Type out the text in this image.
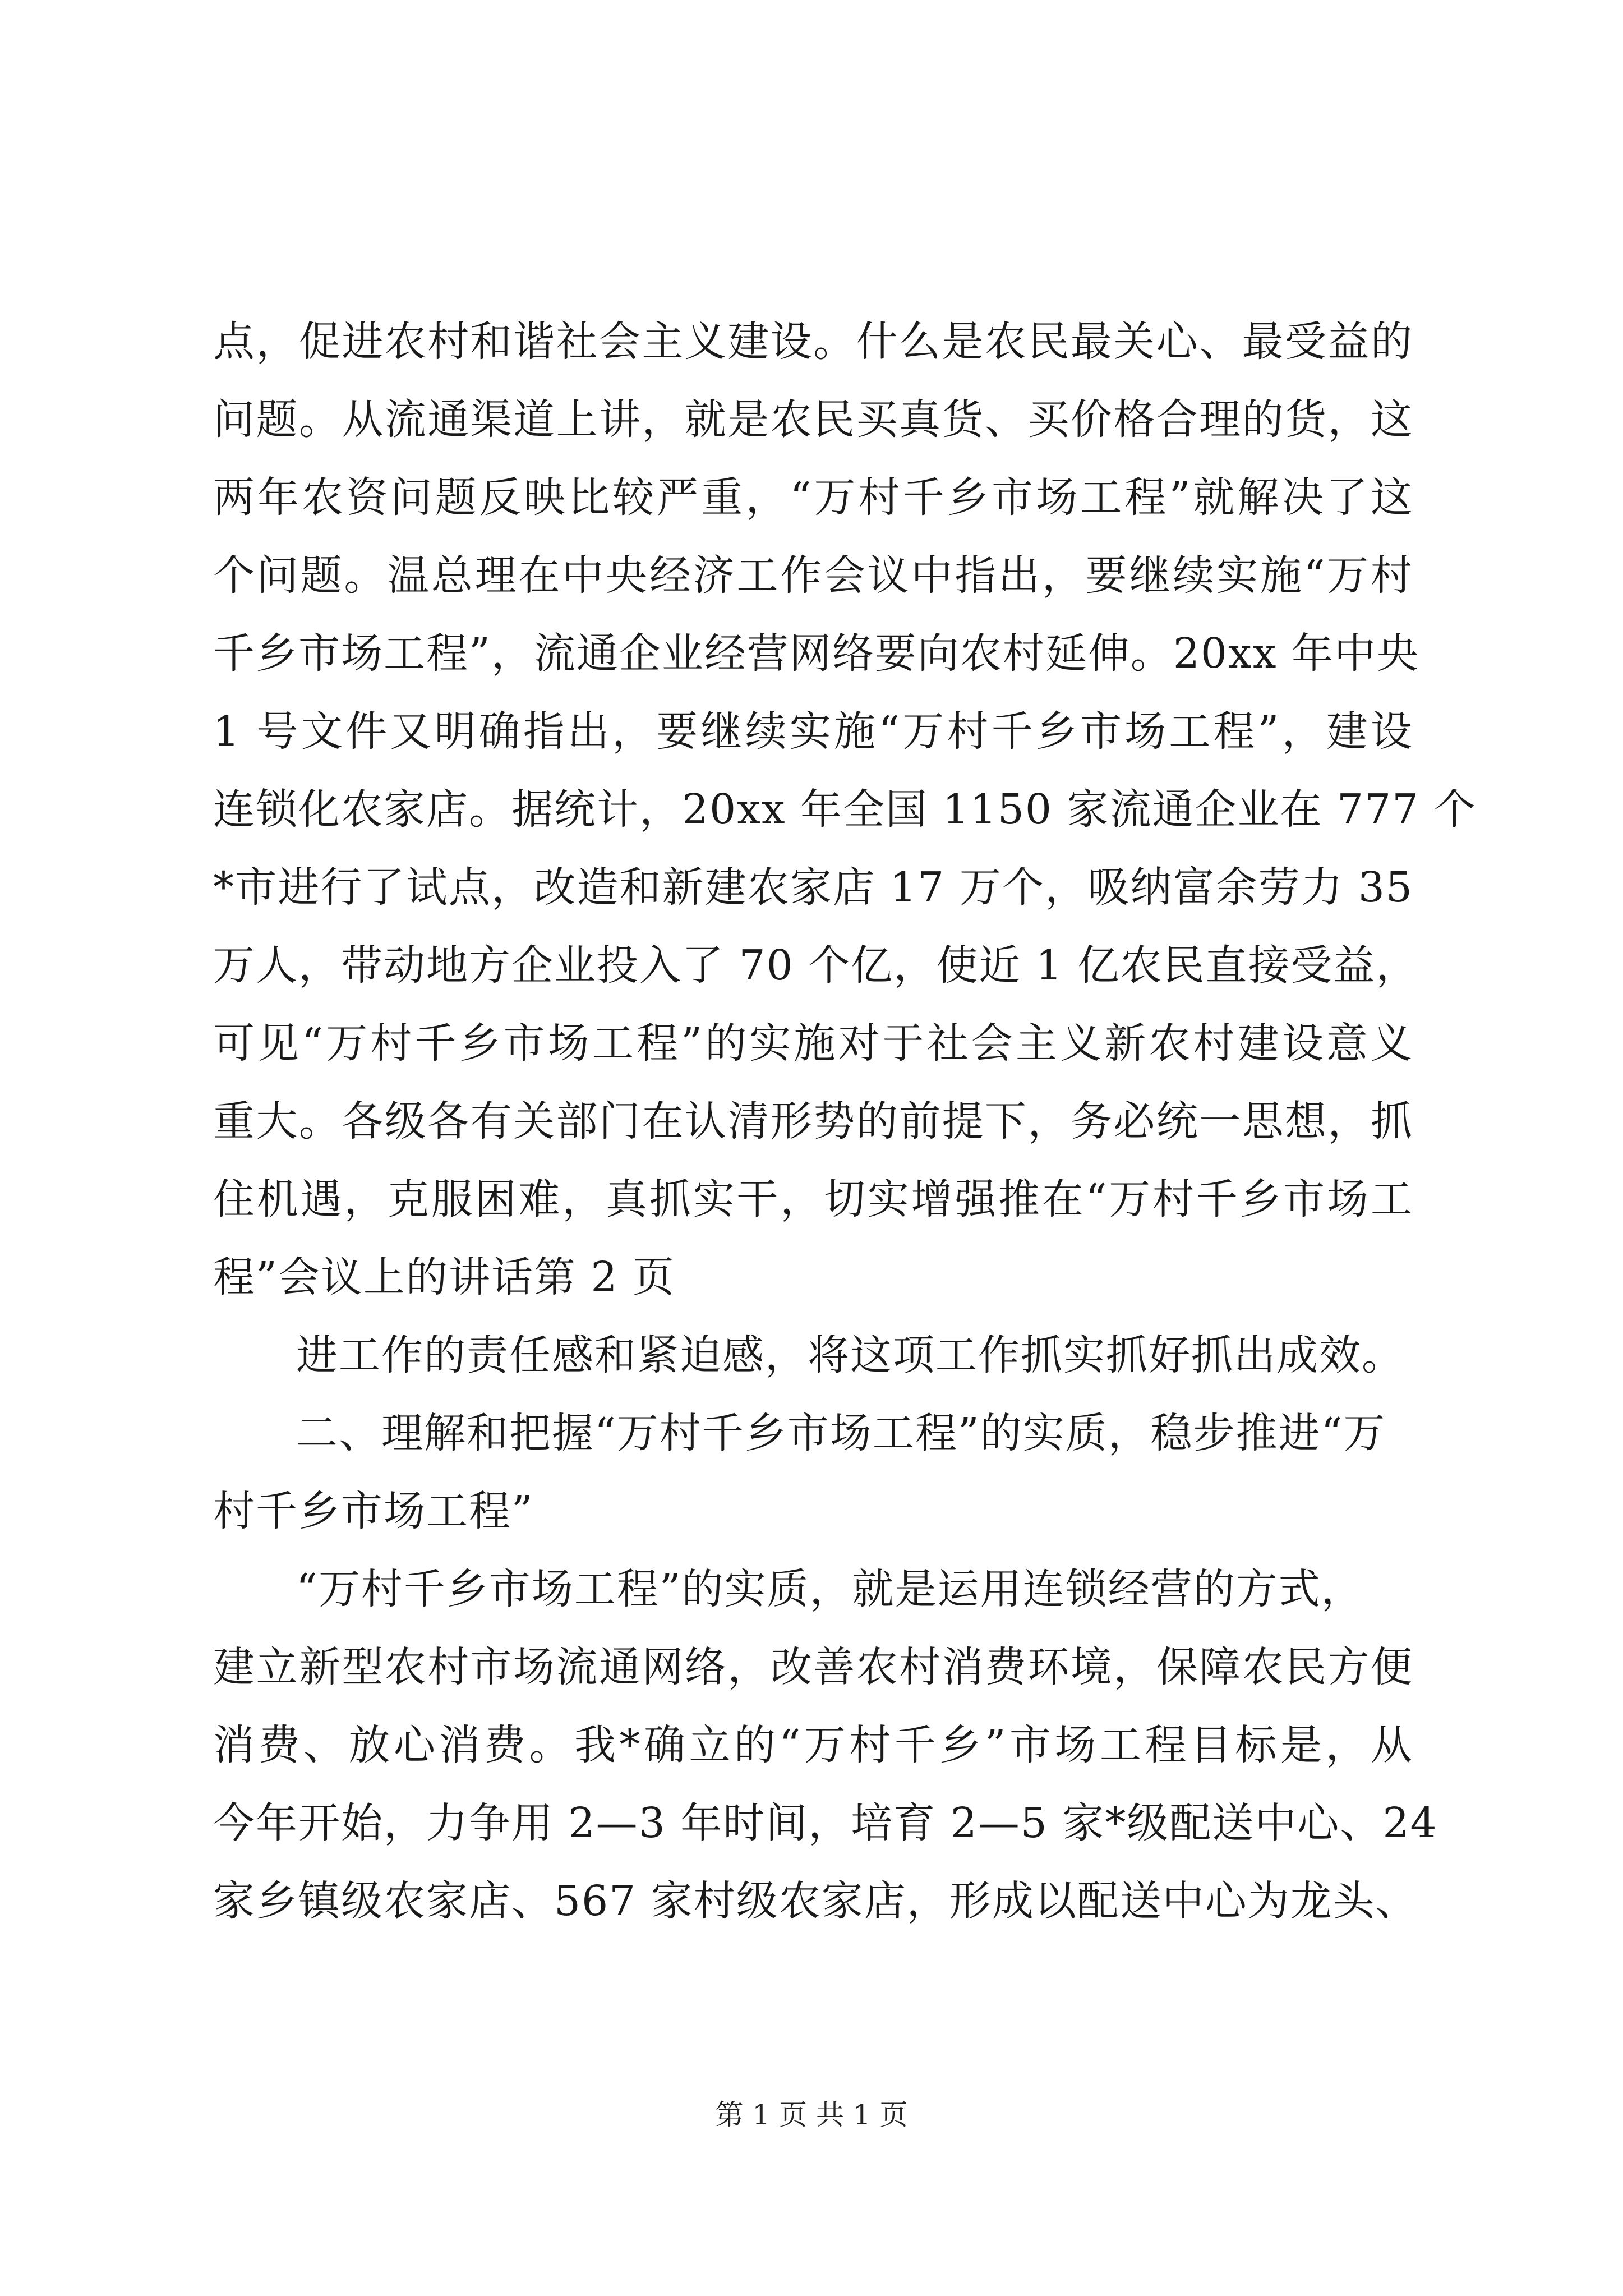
点，促进农村和谐社会主义建设。什么是农民最关心、最受益的
问题。从流通渠道上讲，就是农民买真货、买价格合理的货，这
两年农资问题反映比较严重，“万村千乡市场工程”就解决了这
个问题。温总理在中央经济工作会议中指出，要继续实施“万村
千乡市场工程”，流通企业经营网络要向农村延伸。20xx 年中央
1 号文件又明确指出，要继续实施“万村千乡市场工程”，建设
连锁化农家店。据统计，20xx 年全国 1150 家流通企业在 777 个
*市进行了试点，改造和新建农家店 17 万个，吸纳富余劳力 35
万人，带动地方企业投入了 70 个亿，使近 1 亿农民直接受益，
可见“万村千乡市场工程”的实施对于社会主义新农村建设意义
重大。各级各有关部门在认清形势的前提下，务必统一思想，抓
住机遇，克服困难，真抓实干，切实增强推在“万村千乡市场工
程”会议上的讲话第 2 页
进工作的责任感和紧迫感，将这项工作抓实抓好抓出成效。
二、理解和把握“万村千乡市场工程”的实质，稳步推进“万
村千乡市场工程”
“万村千乡市场工程”的实质，就是运用连锁经营的方式，
建立新型农村市场流通网络，改善农村消费环境，保障农民方便
消费、放心消费。我*确立的“万村千乡”市场工程目标是，从
今年开始，力争用 2—3 年时间，培育 2—5 家*级配送中心、24
家乡镇级农家店、567 家村级农家店，形成以配送中心为龙头、
第 1 页 共 1 页
